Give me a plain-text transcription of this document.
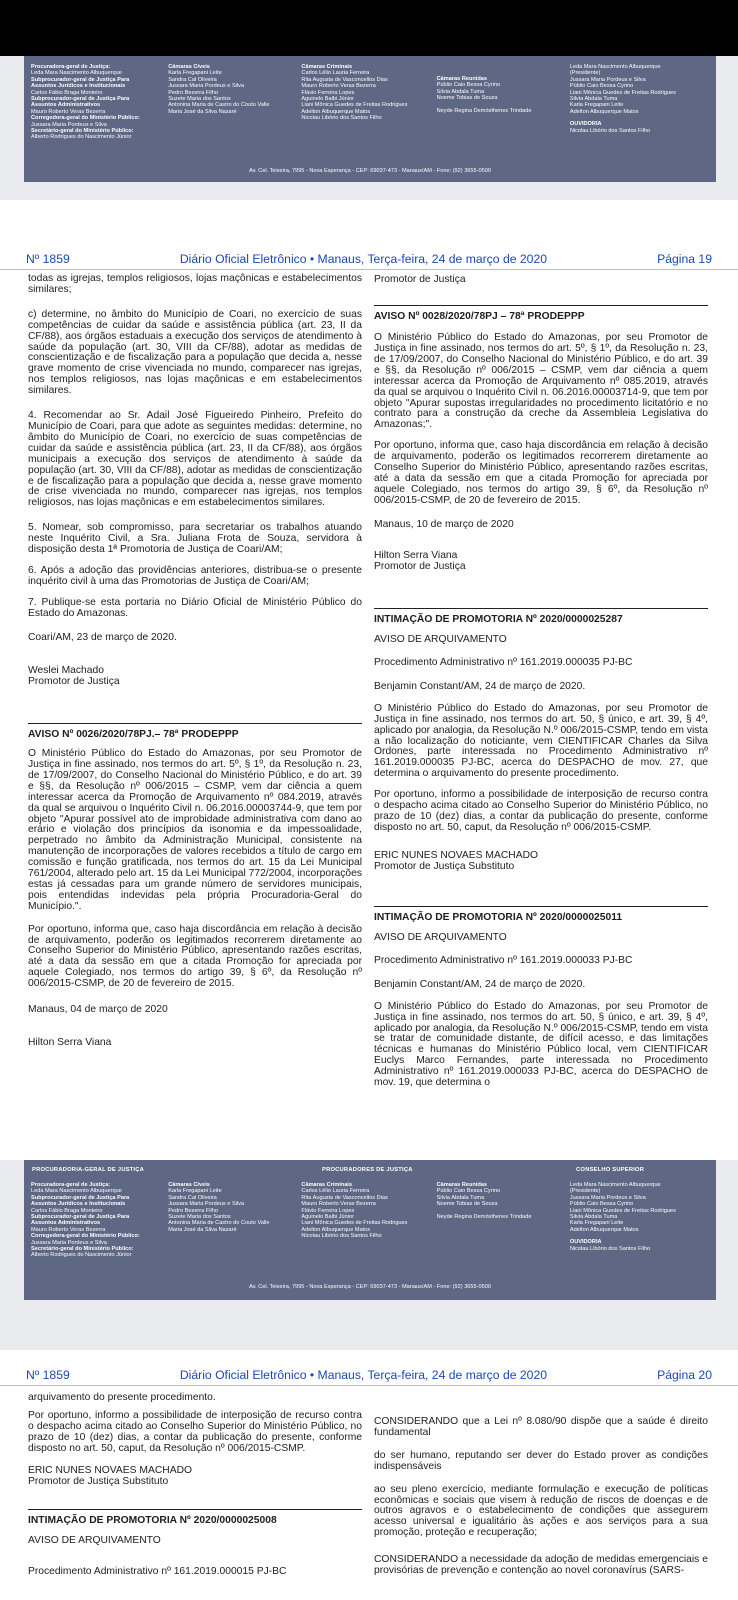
Procuradora-geral de Justiça:
Leda Mara Nascimento Albuquerque
Subprocurador-geral de Justiça Para
Assuntos Jurídicos e Institucionais
Carlos Fábio Braga Monteiro
Subprocurador-geral de Justiça Para
Assuntos Administrativos
Mauro Roberto Veras Bezerra
Corregedora-geral do Ministério Público:
Jussara Maria Pordeus e Silva
Secretário-geral do Ministério Público:
Alberto Rodrigues do Nascimento Júnior
Câmaras Cíveis
Karla Fregapani Leite
Sandra Cal Oliveira
Jussara Maria Pordeus e Silva
Pedro Bezerra Filho
Suzete Maria dos Santos
Antonina Maria de Castro do Couto Valle
Maria José da Silva Nazaré
Câmaras Criminais
Carlos Lélio Lauria Ferreira
Rita Augusta de Vasconcellos Dias
Mauro Roberto Veras Bezerra
Flávio Ferreira Lopes
Aguinelo Balbi Júnior
Liani Mônica Guedes de Freitas Rodrigues
Adelton Albuquerque Matos
Nicolau Libório dos Santos Filho
Câmaras Reunidas
Públio Caio Bessa Cyrino
Silvia Abdala Tuma
Noeme Tobias de Souza
Neyde Regina Demósthenes Trindade
Leda Mara Nascimento Albuquerque
(Presidente)
Jussara Maria Pordeus e Silva
Públio Caio Bessa Cyrino
Liani Mônica Guedes de Freitas Rodrigues
Silvia Abdala Tuma
Karla Fregapani Leite
Adelton Albuquerque Matos
OUVIDORIA
Nicolau Libório dos Santos Filho
Av. Cel. Teixeira, 7995 - Nova Esperança - CEP: 69037-473 - Manaus/AM - Fone: (92) 3655-0500
Nº 1859	Diário Oficial Eletrônico • Manaus, Terça-feira, 24 de março de 2020	Página 19

todas as igrejas, templos religiosos, lojas maçônicas e estabelecimentos similares;

c) determine, no âmbito do Município de Coari, no exercício de suas competências de cuidar da saúde e assistência pública (art. 23, II da CF/88), aos órgãos estaduais a execução dos serviços de atendimento à saúde da população (art. 30, VIII da CF/88), adotar as medidas de conscientização e de fiscalização para a população que decida a, nesse grave momento de crise vivenciada no mundo, comparecer nas igrejas, nos templos religiosos, nas lojas maçônicas e em estabelecimentos similares.

4. Recomendar ao Sr. Adail José Figueiredo Pinheiro, Prefeito do Município de Coari, para que adote as seguintes medidas: determine, no âmbito do Município de Coari, no exercício de suas competências de cuidar da saúde e assistência pública (art. 23, II da CF/88), aos órgãos municipais a execução dos serviços de atendimento à saúde da população (art. 30, VIII da CF/88), adotar as medidas de conscientização e de fiscalização para a população que decida a, nesse grave momento de crise vivenciada no mundo, comparecer nas igrejas, nos templos religiosos, nas lojas maçônicas e em estabelecimentos similares.

5. Nomear, sob compromisso, para secretariar os trabalhos atuando neste Inquérito Civil, a Sra. Juliana Frota de Souza, servidora à disposição desta 1ª Promotoria de Justiça de Coari/AM;

6. Após a adoção das providências anteriores, distribua-se o presente inquérito civil à uma das Promotorias de Justiça de Coari/AM;

7. Publique-se esta portaria no Diário Oficial de Ministério Público do Estado do Amazonas.

Coari/AM, 23 de março de 2020.

Weslei Machado

Promotor de Justiça

AVISO Nº 0026/2020/78PJ.– 78ª PRODEPPP

O Ministério Público do Estado do Amazonas, por seu Promotor de Justiça in fine assinado, nos termos do art. 5º, § 1º, da Resolução n. 23, de 17/09/2007, do Conselho Nacional do Ministério Público, e do art. 39 e §§, da Resolução nº 006/2015 – CSMP, vem dar ciência a quem interessar acerca da Promoção de Arquivamento nº 084.2019, através da qual se arquivou o Inquérito Civil n. 06.2016.00003744-9, que tem por objeto "Apurar possível ato de improbidade administrativa com dano ao erário e violação dos princípios da isonomia e da impessoalidade, perpetrado no âmbito da Administração Municipal, consistente na manutenção de incorporações de valores recebidos a título de cargo em comissão e função gratificada, nos termos do art. 15 da Lei Municipal 761/2004, alterado pelo art. 15 da Lei Municipal 772/2004, incorporações estas já cessadas para um grande número de servidores municipais, pois entendidas indevidas pela própria Procuradoria-Geral do Município.".

Por oportuno, informa que, caso haja discordância em relação à decisão de arquivamento, poderão os legitimados recorrerem diretamente ao Conselho Superior do Ministério Público, apresentando razões escritas, até a data da sessão em que a citada Promoção for apreciada por aquele Colegiado, nos termos do artigo 39, § 6º, da Resolução nº 006/2015-CSMP, de 20 de fevereiro de 2015.

Manaus, 04 de março de 2020

Hilton Serra Viana

Promotor de Justiça

AVISO Nº 0028/2020/78PJ – 78ª PRODEPPP

O Ministério Público do Estado do Amazonas, por seu Promotor de Justiça in fine assinado, nos termos do art. 5º, § 1º, da Resolução n. 23, de 17/09/2007, do Conselho Nacional do Ministério Público, e do art. 39 e §§, da Resolução nº 006/2015 – CSMP, vem dar ciência a quem interessar acerca da Promoção de Arquivamento nº 085.2019, através da qual se arquivou o Inquérito Civil n. 06.2016.00003714-9, que tem por objeto "Apurar supostas irregularidades no procedimento licitatório e no contrato para a construção da creche da Assembleia Legislativa do Amazonas;".

Por oportuno, informa que, caso haja discordância em relação à decisão de arquivamento, poderão os legitimados recorrerem diretamente ao Conselho Superior do Ministério Público, apresentando razões escritas, até a data da sessão em que a citada Promoção for apreciada por aquele Colegiado, nos termos do artigo 39, § 6º, da Resolução nº 006/2015-CSMP, de 20 de fevereiro de 2015.

Manaus, 10 de março de 2020

Hilton Serra Viana

Promotor de Justiça

INTIMAÇÃO DE PROMOTORIA Nº 2020/0000025287

AVISO DE ARQUIVAMENTO

Procedimento Administrativo nº 161.2019.000035 PJ-BC

Benjamin Constant/AM, 24 de março de 2020.

O Ministério Público do Estado do Amazonas, por seu Promotor de Justiça in fine assinado, nos termos do art. 50, § único, e art. 39, § 4º, aplicado por analogia, da Resolução N.º 006/2015-CSMP, tendo em vista a não localização do noticiante, vem CIENTIFICAR Charles da Silva Ordones, parte interessada no Procedimento Administrativo nº 161.2019.000035 PJ-BC, acerca do DESPACHO de mov. 27, que determina o arquivamento do presente procedimento.

Por oportuno, informo a possibilidade de interposição de recurso contra o despacho acima citado ao Conselho Superior do Ministério Público, no prazo de 10 (dez) dias, a contar da publicação do presente, conforme disposto no art. 50, caput, da Resolução nº 006/2015-CSMP.

ERIC NUNES NOVAES MACHADO

Promotor de Justiça Substituto

INTIMAÇÃO DE PROMOTORIA Nº 2020/0000025011

AVISO DE ARQUIVAMENTO

Procedimento Administrativo nº 161.2019.000033 PJ-BC

Benjamin Constant/AM, 24 de março de 2020.

O Ministério Público do Estado do Amazonas, por seu Promotor de Justiça in fine assinado, nos termos do art. 50, § único, e art. 39, § 4º, aplicado por analogia, da Resolução N.º 006/2015-CSMP, tendo em vista se tratar de comunidade distante, de difícil acesso, e das limitações técnicas e humanas do Ministério Público local, vem CIENTIFICAR Euclys Marco Fernandes, parte interessada no Procedimento Administrativo nº 161.2019.000033 PJ-BC, acerca do DESPACHO de mov. 19, que determina o

PROCURADORIA-GERAL DE JUSTIÇA	PROCURADORES DE JUSTIÇA	CONSELHO SUPERIOR
Procuradora-geral de Justiça:
Leda Mara Nascimento Albuquerque
Subprocurador-geral de Justiça Para
Assuntos Jurídicos e Institucionais
Carlos Fábio Braga Monteiro
Subprocurador-geral de Justiça Para
Assuntos Administrativos
Mauro Roberto Veras Bezerra
Corregedora-geral do Ministério Público:
Jussara Maria Pordeus e Silva
Secretário-geral do Ministério Público:
Alberto Rodrigues do Nascimento Júnior
Câmaras Cíveis
Karla Fregapani Leite
Sandra Cal Oliveira
Jussara Maria Pordeus e Silva
Pedro Bezerra Filho
Suzete Maria dos Santos
Antonina Maria de Castro do Couto Valle
Maria José da Silva Nazaré
Câmaras Criminais
Carlos Lélio Lauria Ferreira
Rita Augusta de Vasconcellos Dias
Mauro Roberto Veras Bezerra
Flávio Ferreira Lopes
Aguinelo Balbi Júnior
Liani Mônica Guedes de Freitas Rodrigues
Adelton Albuquerque Matos
Nicolau Libório dos Santos Filho
Câmaras Reunidas
Públio Caio Bessa Cyrino
Silvia Abdala Tuma
Noeme Tobias de Souza
Neyde Regina Demósthenes Trindade
Leda Mara Nascimento Albuquerque
(Presidente)
Jussara Maria Pordeus e Silva
Públio Caio Bessa Cyrino
Liani Mônica Guedes de Freitas Rodrigues
Silvia Abdala Tuma
Karla Fregapani Leite
Adelton Albuquerque Matos
OUVIDORIA
Nicolau Libório dos Santos Filho
Av. Cel. Teixeira, 7995 - Nova Esperança - CEP: 69037-473 - Manaus/AM - Fone: (92) 3655-0500
Nº 1859	Diário Oficial Eletrônico • Manaus, Terça-feira, 24 de março de 2020	Página 20

arquivamento do presente procedimento.

Por oportuno, informo a possibilidade de interposição de recurso contra o despacho acima citado ao Conselho Superior do Ministério Público, no prazo de 10 (dez) dias, a contar da publicação do presente, conforme disposto no art. 50, caput, da Resolução nº 006/2015-CSMP.

ERIC NUNES NOVAES MACHADO

Promotor de Justiça Substituto

INTIMAÇÃO DE PROMOTORIA Nº 2020/0000025008

AVISO DE ARQUIVAMENTO

Procedimento Administrativo nº 161.2019.000015 PJ-BC

CONSIDERANDO que a Lei nº 8.080/90 dispõe que a saúde é direito fundamental

do ser humano, reputando ser dever do Estado prover as condições indispensáveis

ao seu pleno exercício, mediante formulação e execução de políticas econômicas e sociais que visem à redução de riscos de doenças e de outros agravos e o estabelecimento de condições que assegurem acesso universal e igualitário às ações e aos serviços para a sua promoção, proteção e recuperação;

CONSIDERANDO a necessidade da adoção de medidas emergenciais e provisórias de prevenção e contenção ao novel coronavírus (SARS-
